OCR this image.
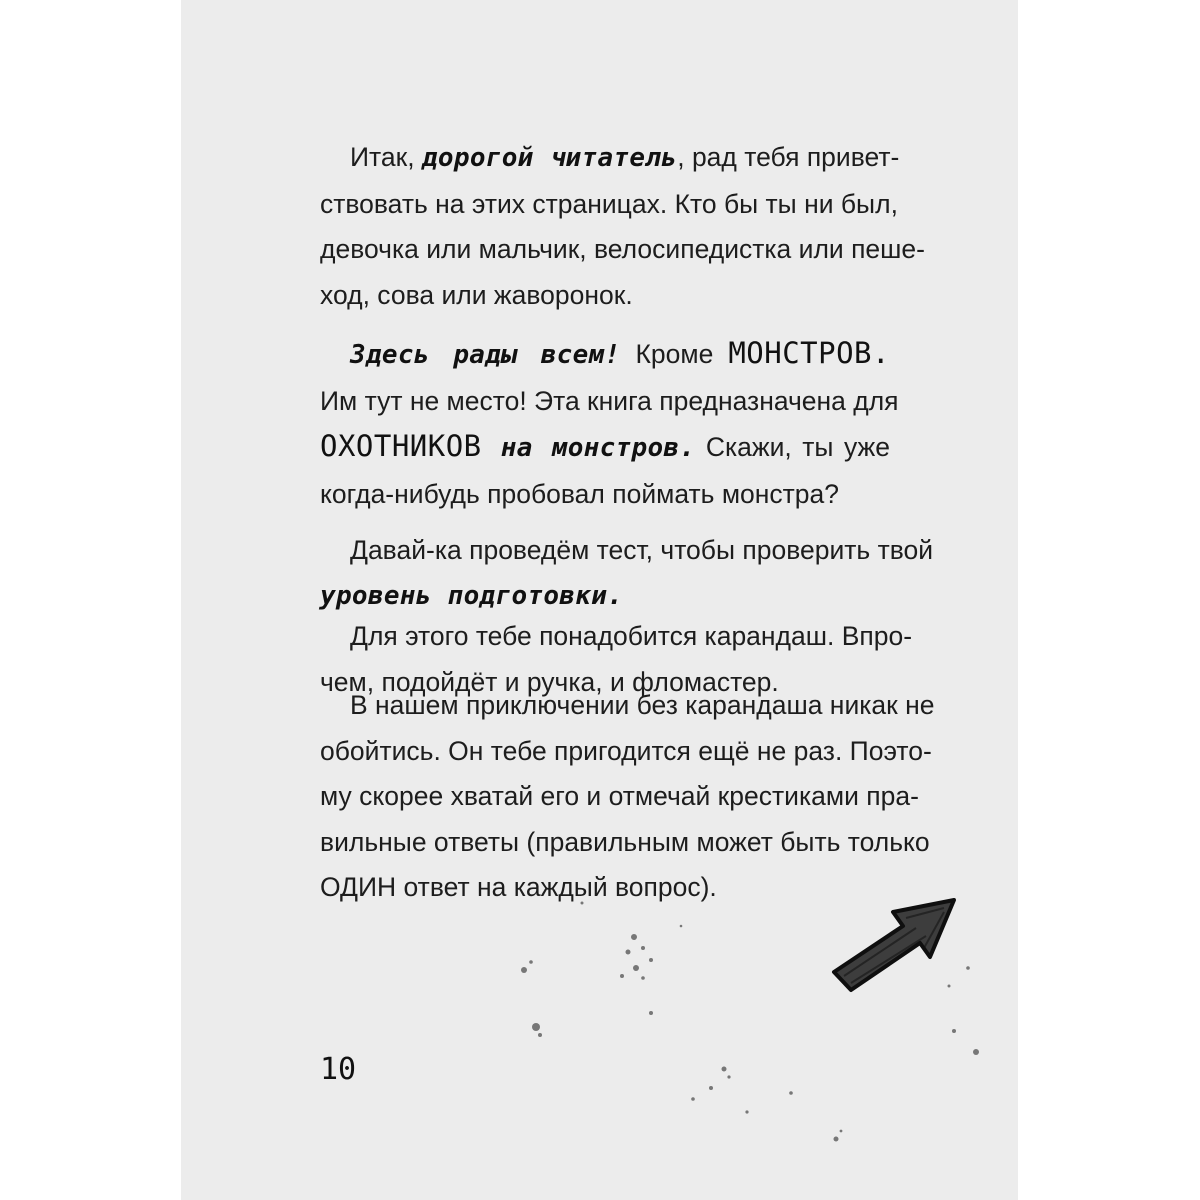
Итак, дорогой читатель, рад тебя привет-
ствовать на этих страницах. Кто бы ты ни был,
девочка или мальчик, велосипедистка или пеше-
ход, сова или жаворонок.
Здесь рады всем! Кроме МОНСТРОВ.
Им тут не место! Эта книга предназначена для
ОХОТНИКОВ на монстров. Скажи, ты уже
когда-нибудь пробовал поймать монстра?
Давай-ка проведём тест, чтобы проверить твой
уровень подготовки.
Для этого тебе понадобится карандаш. Впро-
чем, подойдёт и ручка, и фломастер.
В нашем приключении без карандаша никак не
обойтись. Он тебе пригодится ещё не раз. Поэто-
му скорее хватай его и отмечай крестиками пра-
вильные ответы (правильным может быть только
ОДИН ответ на каждый вопрос).
10
